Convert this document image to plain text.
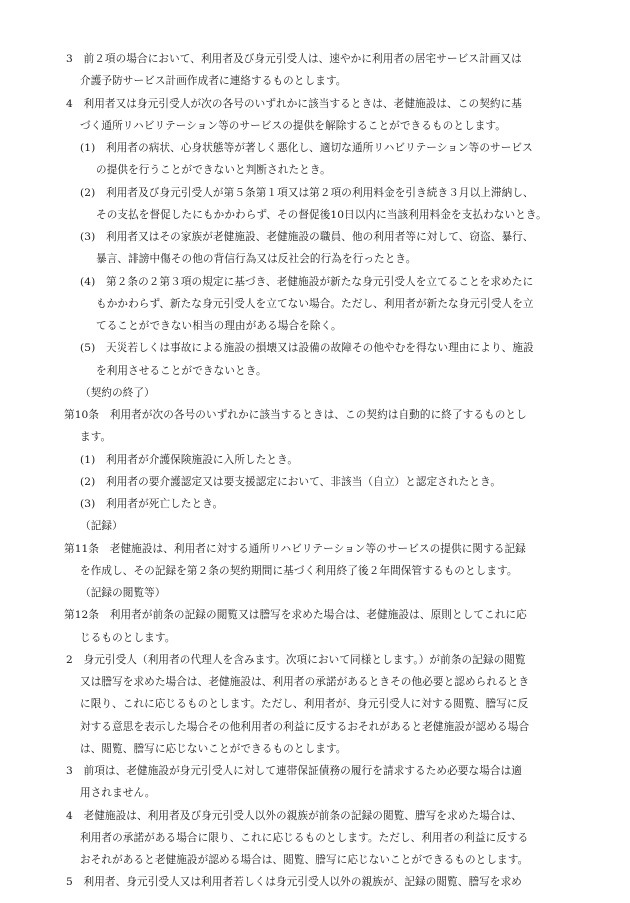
3　前２項の場合において、利用者及び身元引受人は、速やかに利用者の居宅サービス計画又は
介護予防サービス計画作成者に連絡するものとします。
4　利用者又は身元引受人が次の各号のいずれかに該当するときは、老健施設は、この契約に基
づく通所リハビリテーション等のサービスの提供を解除することができるものとします。
(1)　利用者の病状、心身状態等が著しく悪化し、適切な通所リハビリテーション等のサービス
の提供を行うことができないと判断されたとき。
(2)　利用者及び身元引受人が第５条第１項又は第２項の利用料金を引き続き３月以上滞納し、
その支払を督促したにもかかわらず、その督促後10日以内に当該利用料金を支払わないとき。
(3)　利用者又はその家族が老健施設、老健施設の職員、他の利用者等に対して、窃盗、暴行、
暴言、誹謗中傷その他の背信行為又は反社会的行為を行ったとき。
(4)　第２条の２第３項の規定に基づき、老健施設が新たな身元引受人を立てることを求めたに
もかかわらず、新たな身元引受人を立てない場合。ただし、利用者が新たな身元引受人を立
てることができない相当の理由がある場合を除く。
(5)　天災若しくは事故による施設の損壊又は設備の故障その他やむを得ない理由により、施設
を利用させることができないとき。
（契約の終了）
第10条　利用者が次の各号のいずれかに該当するときは、この契約は自動的に終了するものとし
ます。
(1)　利用者が介護保険施設に入所したとき。
(2)　利用者の要介護認定又は要支援認定において、非該当（自立）と認定されたとき。
(3)　利用者が死亡したとき。
（記録）
第11条　老健施設は、利用者に対する通所リハビリテーション等のサービスの提供に関する記録
を作成し、その記録を第２条の契約期間に基づく利用終了後２年間保管するものとします。
（記録の閲覧等）
第12条　利用者が前条の記録の閲覧又は謄写を求めた場合は、老健施設は、原則としてこれに応
じるものとします。
2　身元引受人（利用者の代理人を含みます。次項において同様とします。）が前条の記録の閲覧
又は謄写を求めた場合は、老健施設は、利用者の承諾があるときその他必要と認められるとき
に限り、これに応じるものとします。ただし、利用者が、身元引受人に対する閲覧、謄写に反
対する意思を表示した場合その他利用者の利益に反するおそれがあると老健施設が認める場合
は、閲覧、謄写に応じないことができるものとします。
3　前項は、老健施設が身元引受人に対して連帯保証債務の履行を請求するため必要な場合は適
用されません。
4　老健施設は、利用者及び身元引受人以外の親族が前条の記録の閲覧、謄写を求めた場合は、
利用者の承諾がある場合に限り、これに応じるものとします。ただし、利用者の利益に反する
おそれがあると老健施設が認める場合は、閲覧、謄写に応じないことができるものとします。
5　利用者、身元引受人又は利用者若しくは身元引受人以外の親族が、記録の閲覧、謄写を求め
